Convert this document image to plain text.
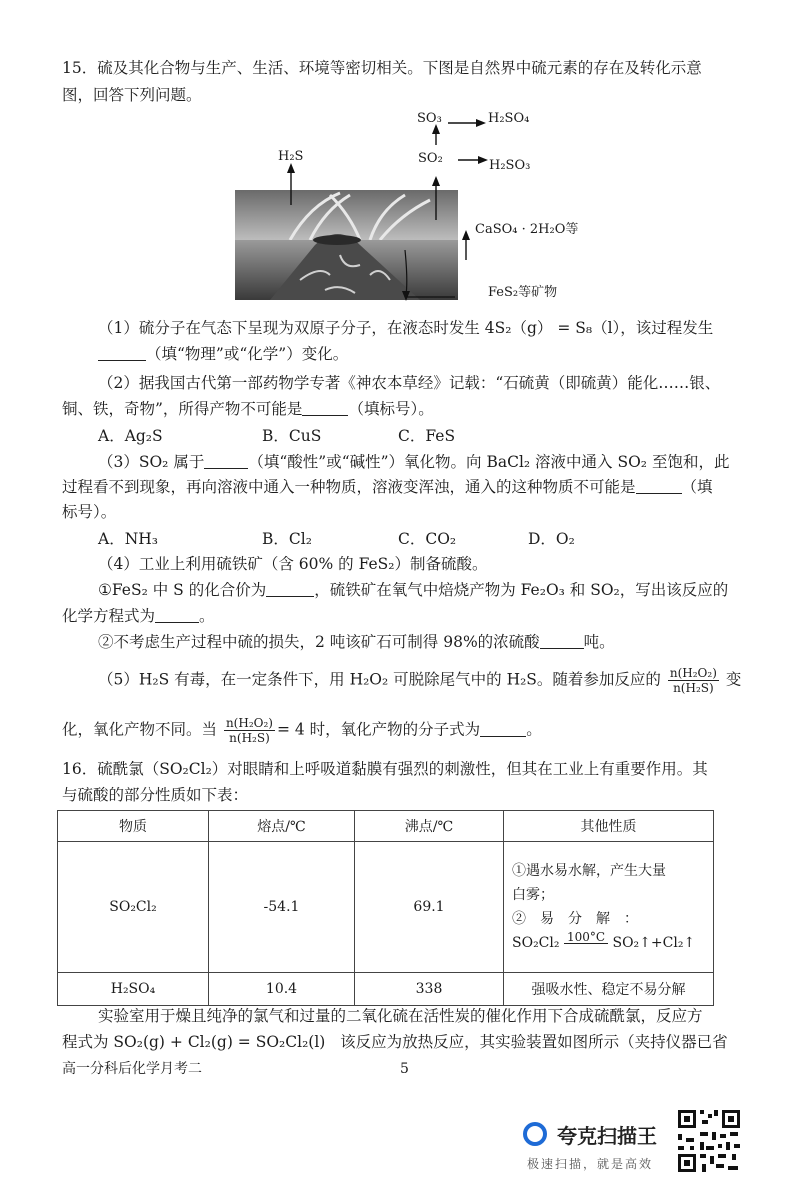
15．硫及其化合物与生产、生活、环境等密切相关。下图是自然界中硫元素的存在及转化示意
图，回答下列问题。
SO₃	H₂SO₄
H₂S	SO₂	H₂SO₃
CaSO₄ · 2H₂O等
FeS₂等矿物
（1）硫分子在气态下呈现为双原子分子，在液态时发生 4S₂（g） = S₈（l），该过程发生
（填“物理”或“化学”）变化。
（2）据我国古代第一部药物学专著《神农本草经》记载：“石硫黄（即硫黄）能化……银、
铜、铁，奇物”，所得产物不可能是	（填标号）。
A．Ag₂S	B．CuS	C．FeS
（3）SO₂ 属于	（填“酸性”或“碱性”）氧化物。向 BaCl₂ 溶液中通入 SO₂ 至饱和，此
过程看不到现象，再向溶液中通入一种物质，溶液变浑浊，通入的这种物质不可能是	（填
标号）。
A．NH₃	B．Cl₂	C．CO₂	D．O₂
（4）工业上利用硫铁矿（含 60% 的 FeS₂）制备硫酸。
①FeS₂ 中 S 的化合价为	，硫铁矿在氧气中焙烧产物为 Fe₂O₃ 和 SO₂，写出该反应的
化学方程式为	。
②不考虑生产过程中硫的损失，2 吨该矿石可制得 98%的浓硫酸	吨。
（5）H₂S 有毒，在一定条件下，用 H₂O₂ 可脱除尾气中的 H₂S。随着参加反应的 $\frac{\text{n(H₂O₂)}}{\text{n(H₂S)}}$ 变
化，氧化产物不同。当 $\frac{\text{n(H₂O₂)}}{\text{n(H₂S)}} = 4$ 时，氧化产物的分子式为	。
16．硫酰氯（SO₂Cl₂）对眼睛和上呼吸道黏膜有强烈的刺激性，但其在工业上有重要作用。其
与硫酸的部分性质如下表：
物质	熔点/℃	沸点/℃	其他性质
SO₂Cl₂	-54.1	69.1	①遇水易水解，产生大量
白雾；
②　易　分　解　：
SO₂Cl₂ 100°C SO₂↑+Cl₂↑

H₂SO₄	10.4	338	强吸水性、稳定不易分解
实验室用于燥且纯净的氯气和过量的二氧化硫在活性炭的催化作用下合成硫酰氯，反应方
程式为 SO₂(g) + Cl₂(g) = SO₂Cl₂(l) 该反应为放热反应，其实验装置如图所示（夹持仪器已省
高一分科后化学月考二	5
夸克扫描王
极速扫描，就是高效
